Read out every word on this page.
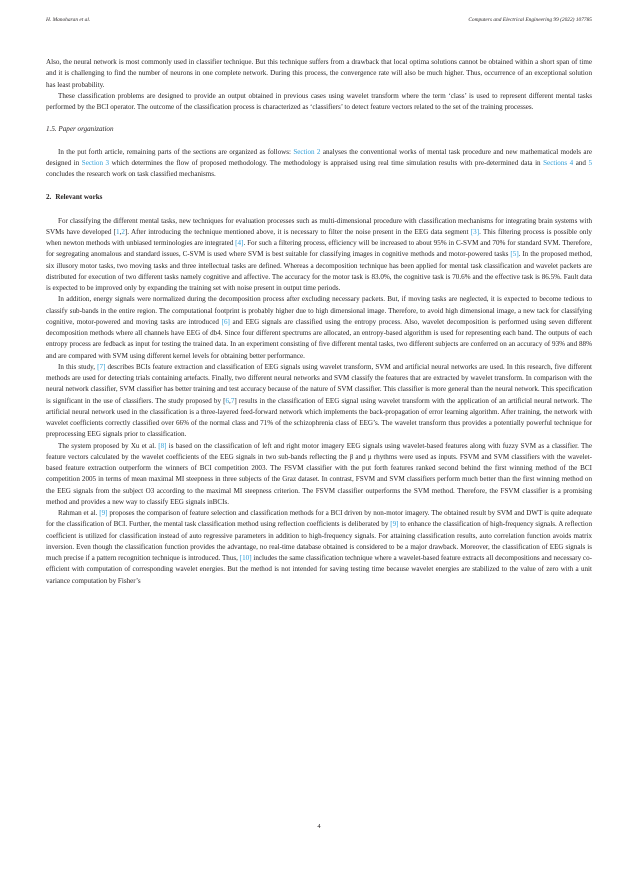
H. Manoharan et al.	Computers and Electrical Engineering 99 (2022) 107785

Also, the neural network is most commonly used in classifier technique. But this technique suffers from a drawback that local optima solutions cannot be obtained within a short span of time and it is challenging to find the number of neurons in one complete network. During this process, the convergence rate will also be much higher. Thus, occurrence of an exceptional solution has least probability.

These classification problems are designed to provide an output obtained in previous cases using wavelet transform where the term ‘class’ is used to represent different mental tasks performed by the BCI operator. The outcome of the classification process is characterized as ‘classifiers’ to detect feature vectors related to the set of the training processes.

1.5. Paper organization

In the put forth article, remaining parts of the sections are organized as follows: Section 2 analyses the conventional works of mental task procedure and new mathematical models are designed in Section 3 which determines the flow of proposed methodology. The methodology is appraised using real time simulation results with pre-determined data in Sections 4 and 5 concludes the research work on task classified mechanisms.

2. Relevant works

For classifying the different mental tasks, new techniques for evaluation processes such as multi-dimensional procedure with classification mechanisms for integrating brain systems with SVMs have developed [1,2]. After introducing the technique mentioned above, it is necessary to filter the noise present in the EEG data segment [3]. This filtering process is possible only when newton methods with unbiased terminologies are integrated [4]. For such a filtering process, efficiency will be increased to about 95% in C-SVM and 70% for standard SVM. Therefore, for segregating anomalous and standard issues, C-SVM is used where SVM is best suitable for classifying images in cognitive methods and motor-powered tasks [5]. In the proposed method, six illusory motor tasks, two moving tasks and three intellectual tasks are defined. Whereas a decomposition technique has been applied for mental task classification and wavelet packets are distributed for execution of two different tasks namely cognitive and affective. The accuracy for the motor task is 83.0%, the cognitive task is 70.6% and the effective task is 86.5%. Fault data is expected to be improved only by expanding the training set with noise present in output time periods.

In addition, energy signals were normalized during the decomposition process after excluding necessary packets. But, if moving tasks are neglected, it is expected to become tedious to classify sub-bands in the entire region. The computational footprint is probably higher due to high dimensional image. Therefore, to avoid high dimensional image, a new tack for classifying cognitive, motor-powered and moving tasks are introduced [6] and EEG signals are classified using the entropy process. Also, wavelet decomposition is performed using seven different decomposition methods where all channels have EEG of db4. Since four different spectrums are allocated, an entropy-based algorithm is used for representing each band. The outputs of each entropy process are fedback as input for testing the trained data. In an experiment consisting of five different mental tasks, two different subjects are conferred on an accuracy of 93% and 88% and are compared with SVM using different kernel levels for obtaining better performance.

In this study, [7] describes BCIs feature extraction and classification of EEG signals using wavelet transform, SVM and artificial neural networks are used. In this research, five different methods are used for detecting trials containing artefacts. Finally, two different neural networks and SVM classify the features that are extracted by wavelet transform. In comparison with the neural network classifier, SVM classifier has better training and test accuracy because of the nature of SVM classifier. This classifier is more general than the neural network. This specification is significant in the use of classifiers. The study proposed by [6,7] results in the classification of EEG signal using wavelet transform with the application of an artificial neural network. The artificial neural network used in the classification is a three-layered feed-forward network which implements the back-propagation of error learning algorithm. After training, the network with wavelet coefficients correctly classified over 66% of the normal class and 71% of the schizophrenia class of EEG’s. The wavelet transform thus provides a potentially powerful technique for preprocessing EEG signals prior to classification.

The system proposed by Xu et al. [8] is based on the classification of left and right motor imagery EEG signals using wavelet-based features along with fuzzy SVM as a classifier. The feature vectors calculated by the wavelet coefficients of the EEG signals in two sub-bands reflecting the β and μ rhythms were used as inputs. FSVM and SVM classifiers with the wavelet-based feature extraction outperform the winners of BCI competition 2003. The FSVM classifier with the put forth features ranked second behind the first winning method of the BCI competition 2005 in terms of mean maximal MI steepness in three subjects of the Graz dataset. In contrast, FSVM and SVM classifiers perform much better than the first winning method on the EEG signals from the subject O3 according to the maximal MI steepness criterion. The FSVM classifier outperforms the SVM method. Therefore, the FSVM classifier is a promising method and provides a new way to classify EEG signals inBCIs.

Rahman et al. [9] proposes the comparison of feature selection and classification methods for a BCI driven by non-motor imagery. The obtained result by SVM and DWT is quite adequate for the classification of BCI. Further, the mental task classification method using reflection coefficients is deliberated by [9] to enhance the classification of high-frequency signals. A reflection coefficient is utilized for classification instead of auto regressive parameters in addition to high-frequency signals. For attaining classification results, auto correlation function avoids matrix inversion. Even though the classification function provides the advantage, no real-time database obtained is considered to be a major drawback. Moreover, the classification of EEG signals is much precise if a pattern recognition technique is introduced. Thus, [10] includes the same classification technique where a wavelet-based feature extracts all decompositions and necessary co-efficient with computation of corresponding wavelet energies. But the method is not intended for saving testing time because wavelet energies are stabilized to the value of zero with a unit variance computation by Fisher’s

4
